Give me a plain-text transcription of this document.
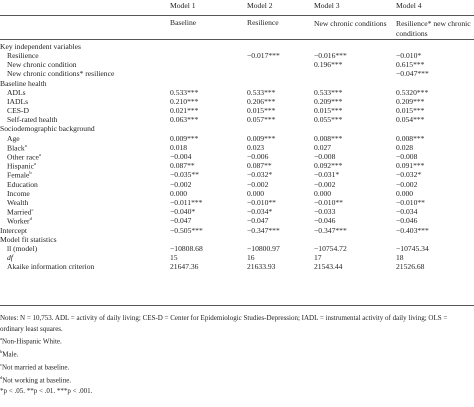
	Model 1	Model 2	Model 3	Model 4
	Baseline	Resilience	New chronic conditions	Resilience* new chronic conditions
Key independent variables				
Resilience		−0.017***	−0.016***	−0.010*
New chronic condition			0.196***	0.615***
New chronic conditions* resilience				−0.047***
Baseline health				
ADLs	0.533***	0.533***	0.533***	0.5320***
IADLs	0.210***	0.206***	0.209***	0.209***
CES-D	0.021***	0.015***	0.015***	0.015***
Self-rated health	0.063***	0.057***	0.055***	0.054***
Sociodemographic background				
Age	0.009***	0.009***	0.008***	0.008***
Black$^a$	0.018	0.023	0.027	0.028
Other race$^a$	−0.004	−0.006	−0.008	−0.008
Hispanic$^a$	0.087**	0.087**	0.092***	0.091***
Female$^b$	−0.035**	−0.032*	−0.031*	−0.032*
Education	−0.002	−0.002	−0.002	−0.002
Income	0.000	0.000	0.000	0.000
Wealth	−0.011***	−0.010**	−0.010**	−0.010**
Married$^c$	−0.040*	−0.034*	−0.033	−0.034
Worker$^d$	−0.047	−0.047	−0.046	−0.046
Intercept	−0.505***	−0.347***	−0.347***	−0.403***
Model fit statistics				
ll (model)	−10808.68	−10800.97	−10754.72	−10745.34
df	15	16	17	18
Akaike information criterion	21647.36	21633.93	21543.44	21526.68
Notes: N = 10,753. ADL = activity of daily living; CES-D = Center for Epidemiologic Studies-Depression; IADL = instrumental activity of daily living; OLS = ordinary least squares.
$^a$Non-Hispanic White.
$^b$Male.
$^c$Not married at baseline.
$^d$Not working at baseline.
*p < .05. **p < .01. ***p < .001.
